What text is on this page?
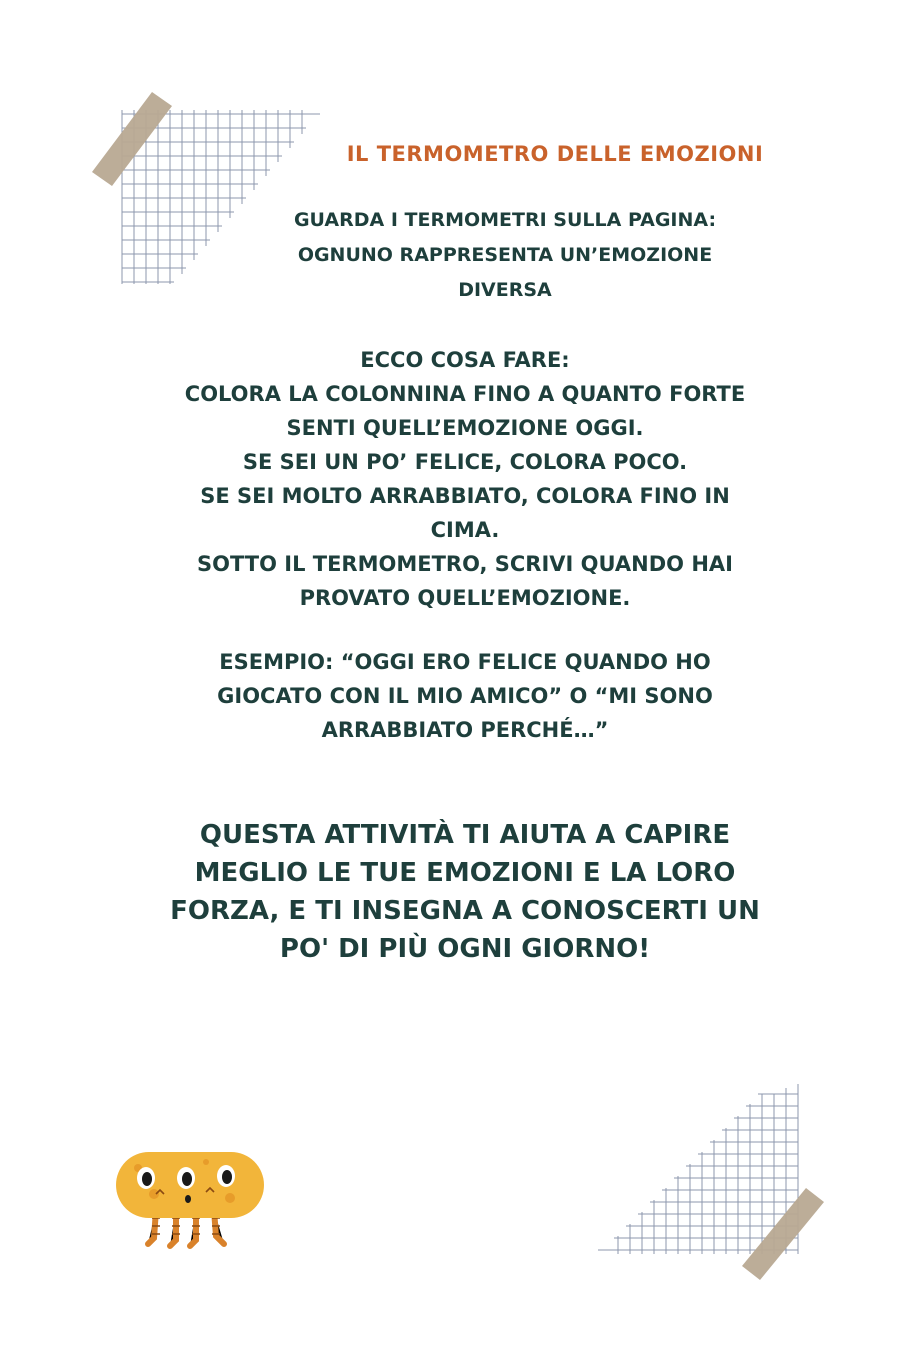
IL TERMOMETRO DELLE EMOZIONI
GUARDA I TERMOMETRI SULLA PAGINA:
OGNUNO RAPPRESENTA UN’EMOZIONE
DIVERSA
ECCO COSA FARE:
COLORA LA COLONNINA FINO A QUANTO FORTE
SENTI QUELL’EMOZIONE OGGI.
SE SEI UN PO’ FELICE, COLORA POCO.
SE SEI MOLTO ARRABBIATO, COLORA FINO IN
CIMA.
SOTTO IL TERMOMETRO, SCRIVI QUANDO HAI
PROVATO QUELL’EMOZIONE.
ESEMPIO: “OGGI ERO FELICE QUANDO HO
GIOCATO CON IL MIO AMICO” O “MI SONO
ARRABBIATO PERCHÉ…”
QUESTA ATTIVITÀ TI AIUTA A CAPIRE
MEGLIO LE TUE EMOZIONI E LA LORO
FORZA, E TI INSEGNA A CONOSCERTI UN
PO' DI PIÙ OGNI GIORNO!
